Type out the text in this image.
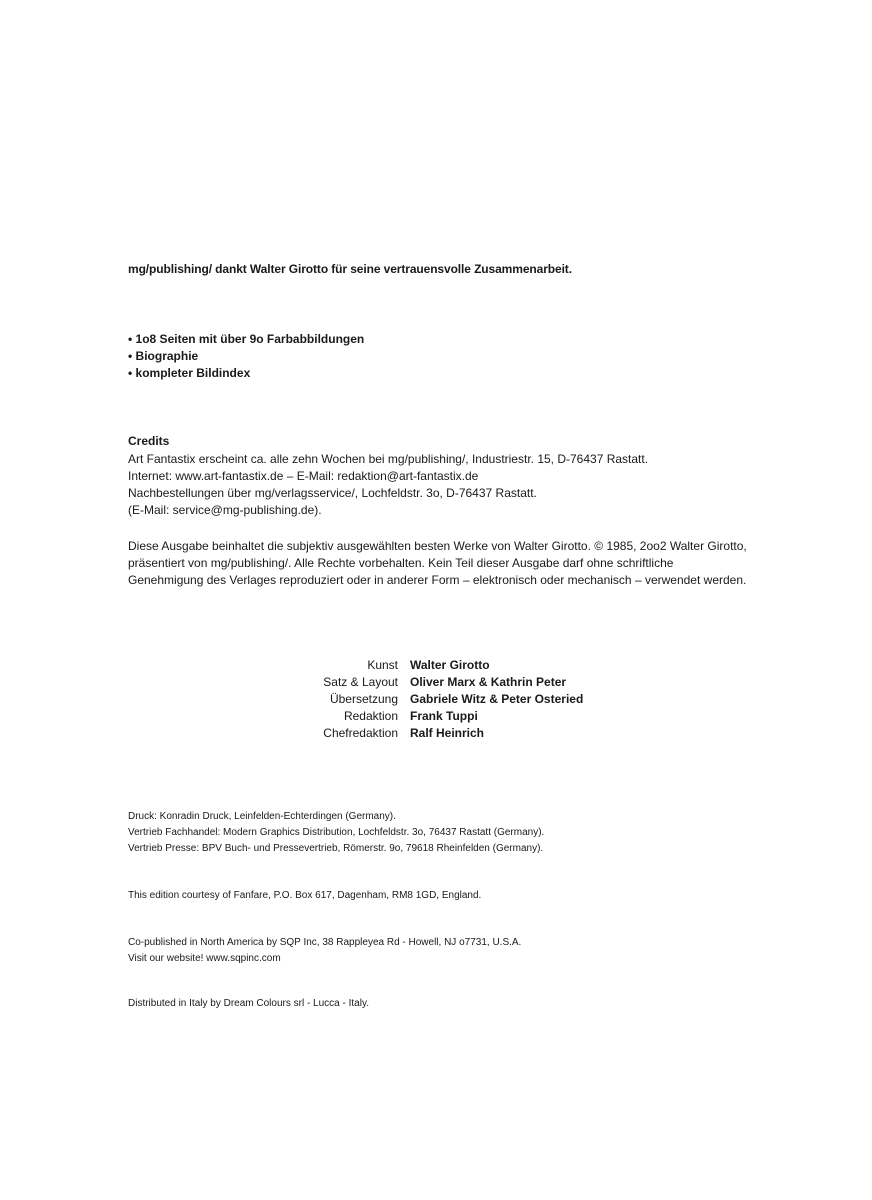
mg/publishing/ dankt Walter Girotto für seine vertrauensvolle Zusammenarbeit.
• 1o8 Seiten mit über 9o Farbabbildungen
• Biographie
• kompleter Bildindex
Credits
Art Fantastix erscheint ca. alle zehn Wochen bei mg/publishing/, Industriestr. 15, D-76437 Rastatt.
Internet: www.art-fantastix.de – E-Mail: redaktion@art-fantastix.de
Nachbestellungen über mg/verlagsservice/, Lochfeldstr. 3o, D-76437 Rastatt.
(E-Mail: service@mg-publishing.de).
Diese Ausgabe beinhaltet die subjektiv ausgewählten besten Werke von Walter Girotto. © 1985, 2oo2 Walter Girotto,
präsentiert von mg/publishing/. Alle Rechte vorbehalten. Kein Teil dieser Ausgabe darf ohne schriftliche
Genehmigung des Verlages reproduziert oder in anderer Form – elektronisch oder mechanisch – verwendet werden.
Kunst	Walter Girotto
Satz & Layout	Oliver Marx & Kathrin Peter
Übersetzung	Gabriele Witz & Peter Osteried
Redaktion	Frank Tuppi
Chefredaktion	Ralf Heinrich
Druck: Konradin Druck, Leinfelden-Echterdingen (Germany).
Vertrieb Fachhandel: Modern Graphics Distribution, Lochfeldstr. 3o, 76437 Rastatt (Germany).
Vertrieb Presse: BPV Buch- und Pressevertrieb, Römerstr. 9o, 79618 Rheinfelden (Germany).
This edition courtesy of Fanfare, P.O. Box 617, Dagenham, RM8 1GD, England.
Co-published in North America by SQP Inc, 38 Rappleyea Rd - Howell, NJ o7731, U.S.A.
Visit our website! www.sqpinc.com
Distributed in Italy by Dream Colours srl - Lucca - Italy.
